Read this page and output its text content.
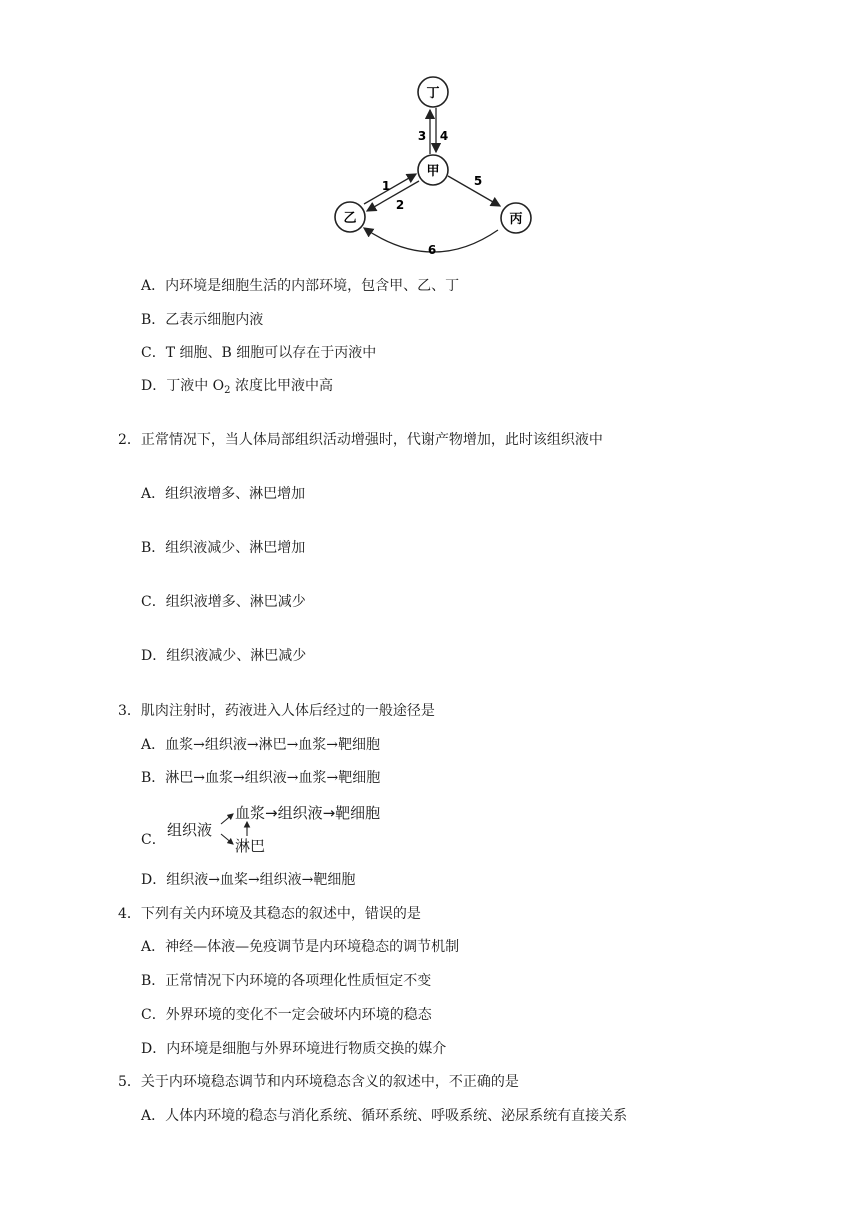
丁
甲
乙	丙
3 4
1
2
5
6
A．内环境是细胞生活的内部环境，包含甲、乙、丁
B．乙表示细胞内液
C．T 细胞、B 细胞可以存在于丙液中
D．丁液中 $O_2$ 浓度比甲液中高
2．正常情况下，当人体局部组织活动增强时，代谢产物增加，此时该组织液中
A．组织液增多、淋巴增加
B．组织液减少、淋巴增加
C．组织液增多、淋巴减少
D．组织液减少、淋巴减少
3．肌肉注射时，药液进入人体后经过的一般途径是
A．血浆→组织液→淋巴→血浆→靶细胞
B．淋巴→血浆→组织液→血浆→靶细胞
C．
组织液
血浆→组织液→靶细胞
淋巴
D．组织液→血桨→组织液→靶细胞
4．下列有关内环境及其稳态的叙述中，错误的是
A．神经—体液—免疫调节是内环境稳态的调节机制
B．正常情况下内环境的各项理化性质恒定不变
C．外界环境的变化不一定会破坏内环境的稳态
D．内环境是细胞与外界环境进行物质交换的媒介
5．关于内环境稳态调节和内环境稳态含义的叙述中，不正确的是
A．人体内环境的稳态与消化系统、循环系统、呼吸系统、泌尿系统有直接关系
